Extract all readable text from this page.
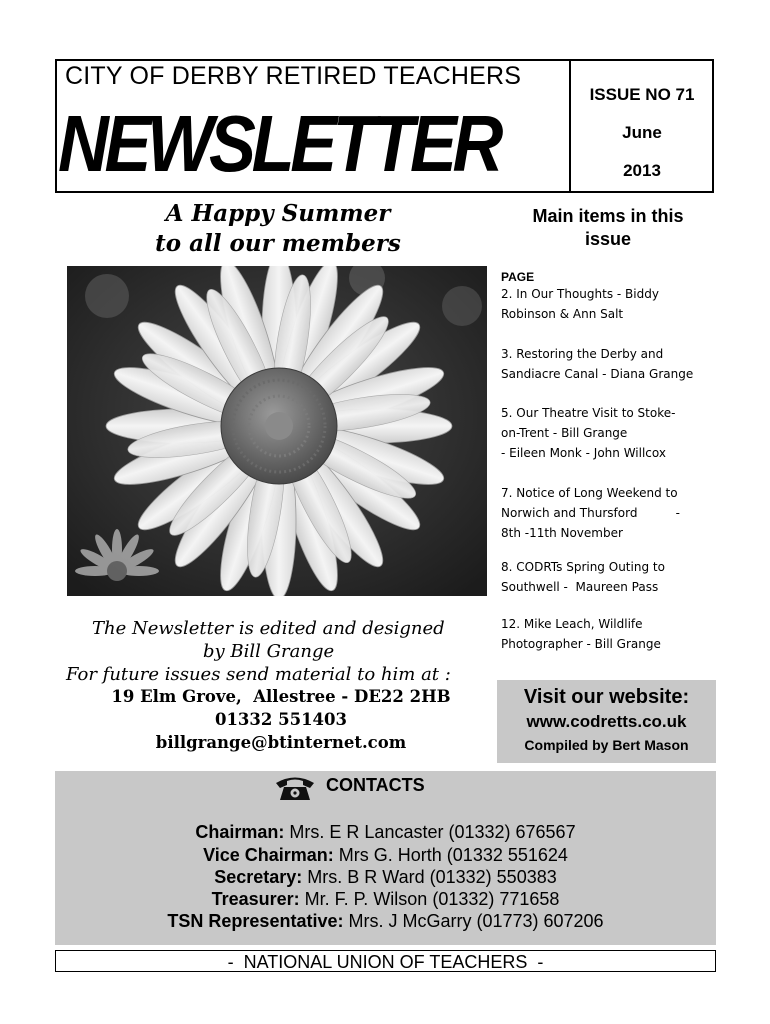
CITY OF DERBY RETIRED TEACHERS
NEWSLETTER
ISSUE NO 71
June
2013
A Happy Summer
to all our members
Main items in this
issue
PAGE
2. In Our Thoughts - Biddy
Robinson & Ann Salt
3. Restoring the Derby and
Sandiacre Canal - Diana Grange
5. Our Theatre Visit to Stoke-
on-Trent - Bill Grange
- Eileen Monk - John Willcox
7. Notice of Long Weekend to
Norwich and Thursford          -
8th -11th November
8. CODRTs Spring Outing to
Southwell -  Maureen Pass
12. Mike Leach, Wildlife
Photographer - Bill Grange
The Newsletter is edited and designed
by Bill Grange
For future issues send material to him at :
19 Elm Grove,  Allestree - DE22 2HB
01332 551403
billgrange@btinternet.com
Visit our website:
www.codretts.co.uk
Compiled by Bert Mason
CONTACTS
Chairman: Mrs. E R Lancaster (01332) 676567
Vice Chairman: Mrs G. Horth (01332 551624
Secretary: Mrs. B R Ward (01332) 550383
Treasurer: Mr. F. P. Wilson (01332) 771658
TSN Representative: Mrs. J McGarry (01773) 607206
-  NATIONAL UNION OF TEACHERS  -
